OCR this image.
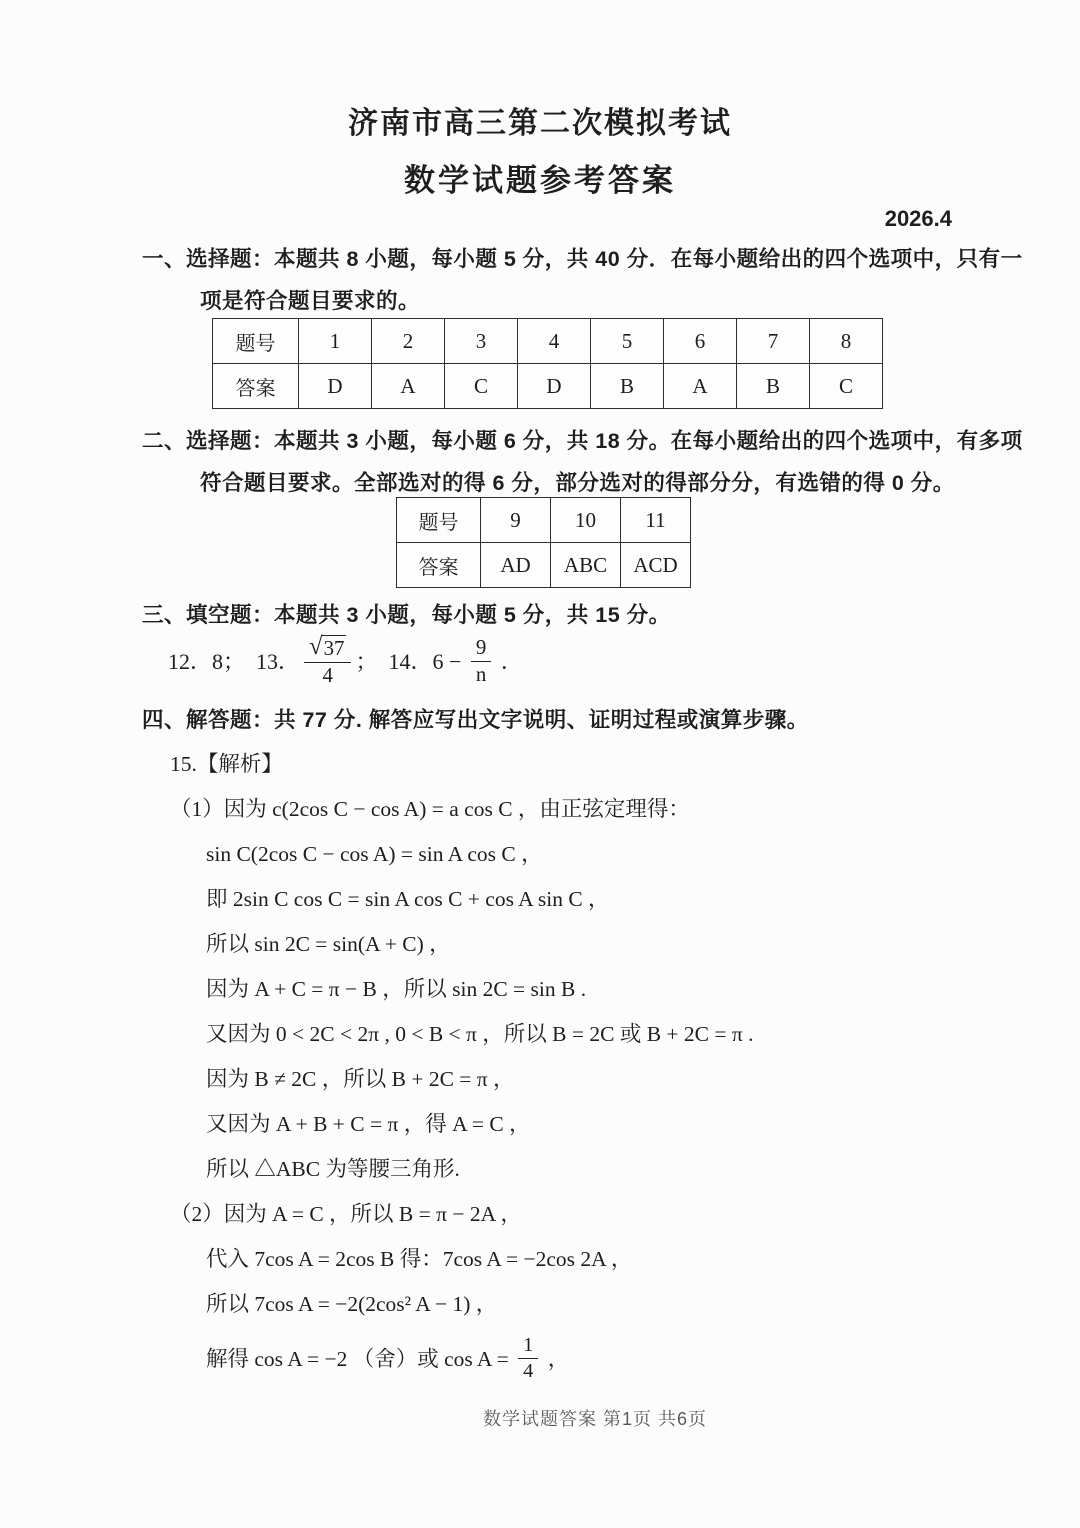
济南市高三第二次模拟考试
数学试题参考答案
2026.4
一、选择题：本题共 8 小题，每小题 5 分，共 40 分．在每小题给出的四个选项中，只有一
项是符合题目要求的。
题号	1	2	3	4	5	6	7	8
答案	D	A	C	D	B	A	B	C
二、选择题：本题共 3 小题，每小题 6 分，共 18 分。在每小题给出的四个选项中，有多项
符合题目要求。全部选对的得 6 分，部分选对的得部分分，有选错的得 0 分。
题号	9	10	11
答案	AD	ABC	ACD
三、填空题：本题共 3 小题，每小题 5 分，共 15 分。
12．8；  13． $\frac{√ 37}{4}$ ；  14．$6 - \frac{9}{n}$ ．
四、解答题：共 77 分. 解答应写出文字说明、证明过程或演算步骤。
15.【解析】
（1）因为 c(2cos C − cos A) = a cos C ，由正弦定理得：
sin C(2cos C − cos A) = sin A cos C ，
即 2sin C cos C = sin A cos C + cos A sin C ，
所以 sin 2C = sin(A + C) ，
因为 A + C = π − B ，所以 sin 2C = sin B .
又因为 0 < 2C < 2π , 0 < B < π ，所以 B = 2C 或 B + 2C = π .
因为 B ≠ 2C ，所以 B + 2C = π ，
又因为 A + B + C = π ，得 A = C ，
所以 △ABC 为等腰三角形.
（2）因为 A = C ，所以 B = π − 2A ，
代入 7cos A = 2cos B 得：7cos A = −2cos 2A ，
所以 7cos A = −2(2cos² A − 1) ，
解得 cos A = −2 （舍）或 $\cos A = \frac{1}{4}$ ，
数学试题答案 第1页 共6页
